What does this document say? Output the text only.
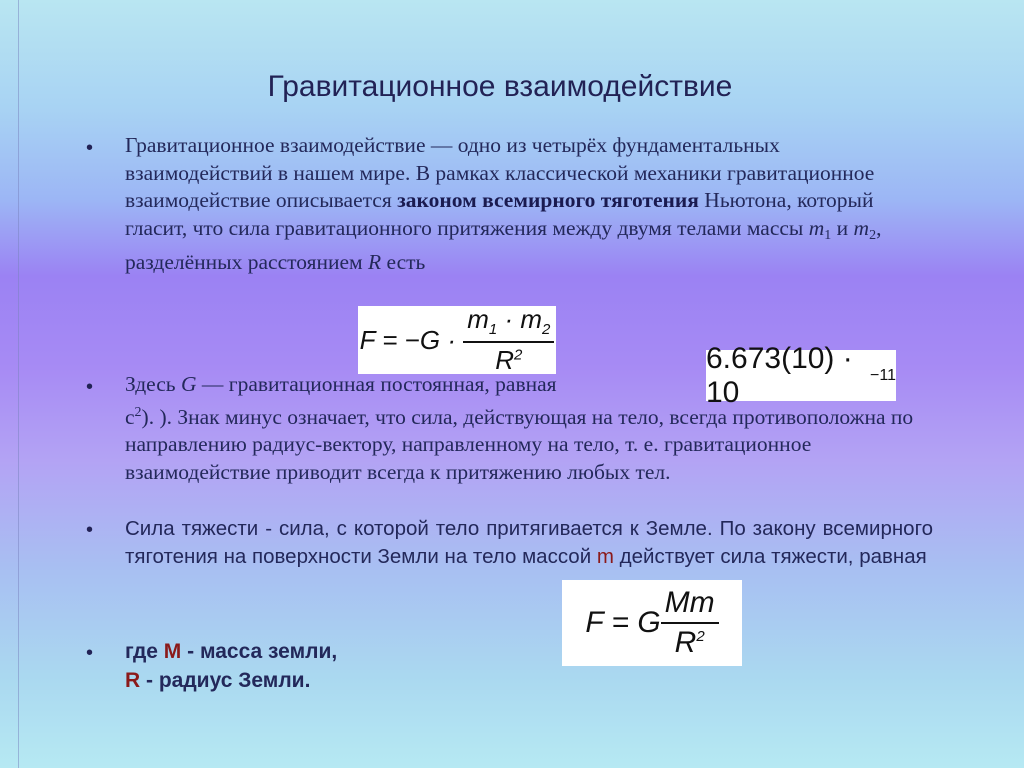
Гравитационное взаимодействие
• Гравитационное взаимодействие — одно из четырёх фундаментальных взаимодействий в нашем мире. В рамках классической механики гравитационное взаимодействие описывается законом всемирного тяготения Ньютона, который гласит, что сила гравитационного притяжения между двумя телами массы $m_1$ и $m_2$, разделённых расстоянием R есть
F = −G ·
$\frac{m_1 \cdot m_2}{R^2}$
• Здесь G — гравитационная постоянная, равная
$с^2$). ). Знак минус означает, что сила, действующая на тело, всегда противоположна по направлению радиус-вектору, направленному на тело, т. е. гравитационное взаимодействие приводит всегда к притяжению любых тел.
6.673(10) · 10
−11
• Сила тяжести - сила, с которой тело притягивается к Земле. По закону всемирного тяготения на поверхности Земли на тело массой m действует сила тяжести, равная
F = G $\frac{Mm}{R^2}$
• где M - масса земли,
R - радиус Земли.
